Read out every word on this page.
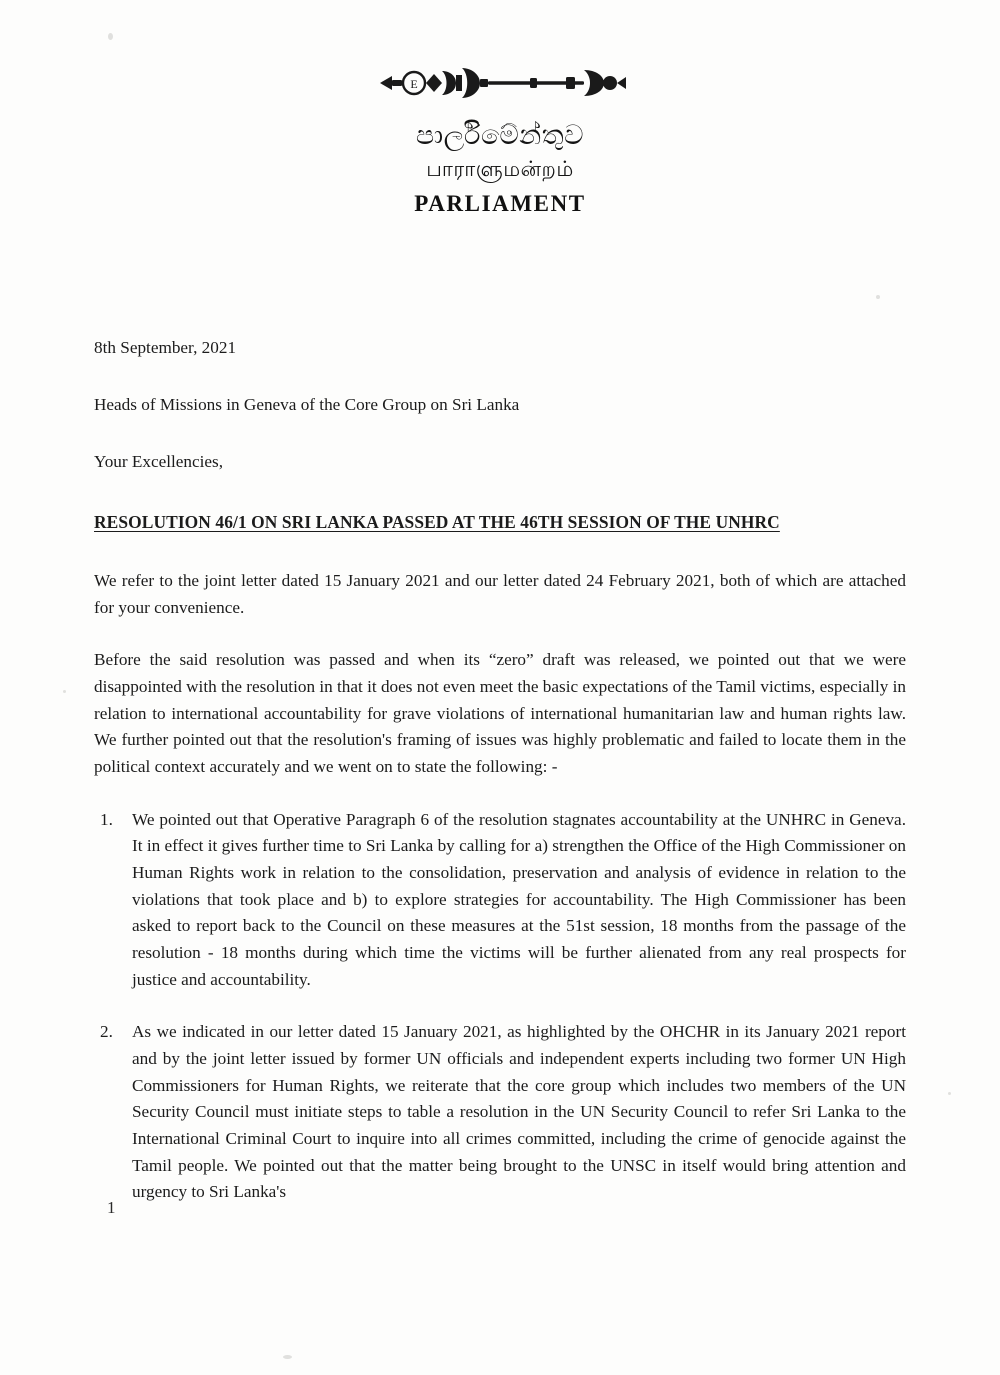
E
පාර්ලිමේන්තුව
பாராளுமன்றம்
PARLIAMENT
8th September, 2021
Heads of Missions in Geneva of the Core Group on Sri Lanka
Your Excellencies,
RESOLUTION 46/1 ON SRI LANKA PASSED AT THE 46TH SESSION OF THE UNHRC

We refer to the joint letter dated 15 January 2021 and our letter dated 24 February 2021, both of which are attached for your convenience.

Before the said resolution was passed and when its “zero” draft was released, we pointed out that we were disappointed with the resolution in that it does not even meet the basic expectations of the Tamil victims, especially in relation to international accountability for grave violations of international humanitarian law and human rights law. We further pointed out that the resolution's framing of issues was highly problematic and failed to locate them in the political context accurately and we went on to state the following: -

We pointed out that Operative Paragraph 6 of the resolution stagnates accountability at the UNHRC in Geneva. It in effect it gives further time to Sri Lanka by calling for a) strengthen the Office of the High Commissioner on Human Rights work in relation to the consolidation, preservation and analysis of evidence in relation to the violations that took place and b) to explore strategies for accountability. The High Commissioner has been asked to report back to the Council on these measures at the 51st session, 18 months from the passage of the resolution - 18 months during which time the victims will be further alienated from any real prospects for justice and accountability.
As we indicated in our letter dated 15 January 2021, as highlighted by the OHCHR in its January 2021 report and by the joint letter issued by former UN officials and independent experts including two former UN High Commissioners for Human Rights, we reiterate that the core group which includes two members of the UN Security Council must initiate steps to table a resolution in the UN Security Council to refer Sri Lanka to the International Criminal Court to inquire into all crimes committed, including the crime of genocide against the Tamil people. We pointed out that the matter being brought to the UNSC in itself would bring attention and urgency to Sri Lanka's
1
